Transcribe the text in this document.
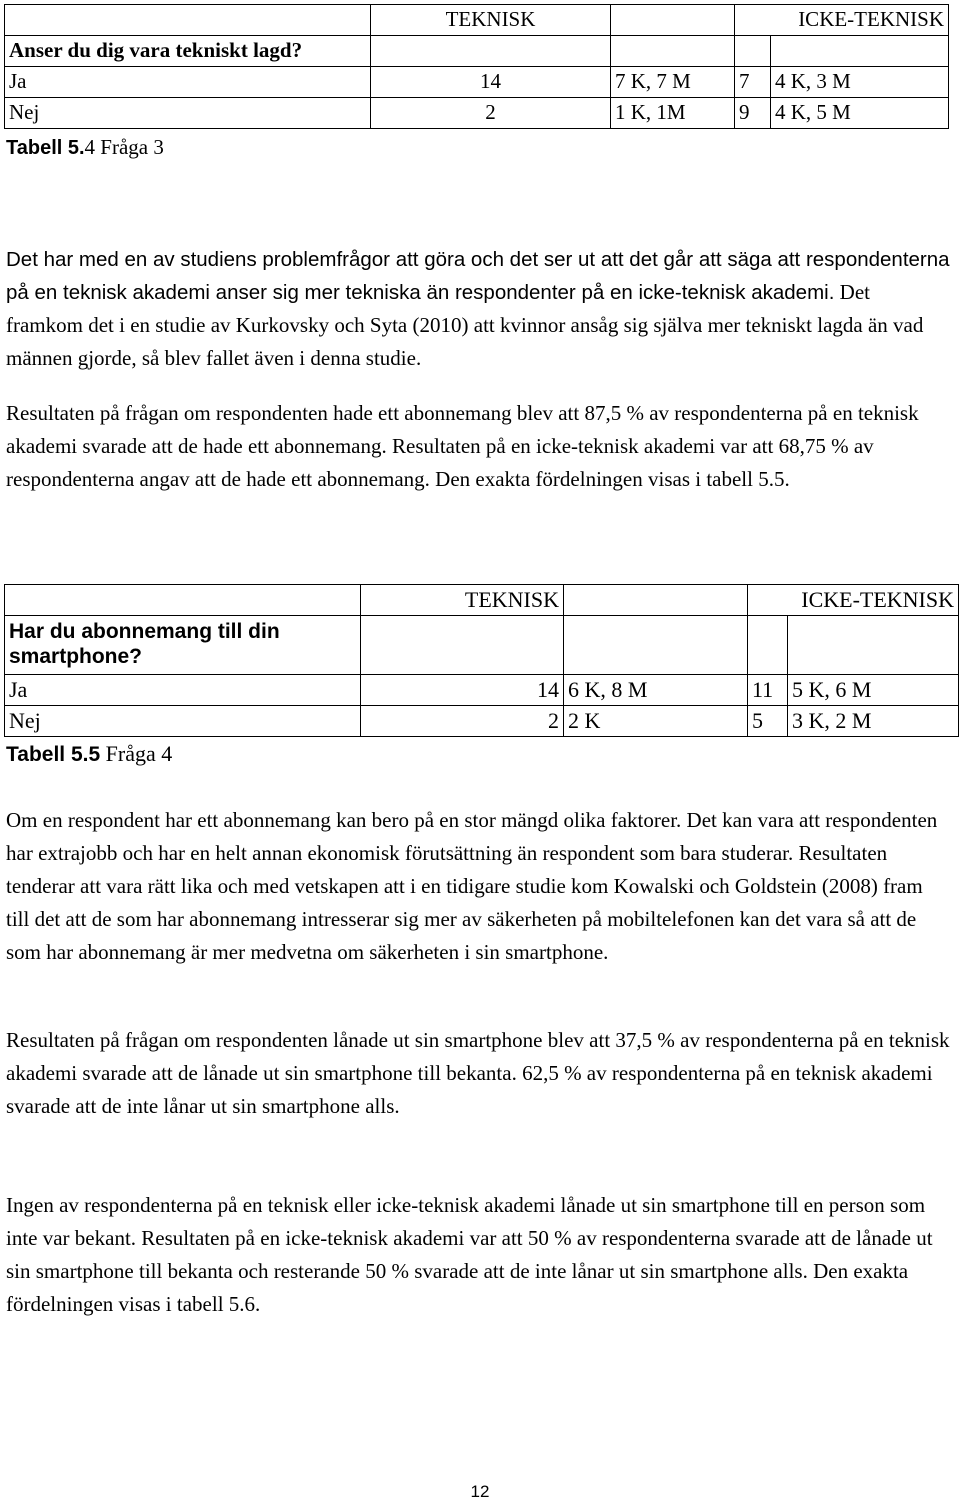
	TEKNISK		ICKE-TEKNISK	
Anser du dig vara tekniskt lagd?				
Ja	14	7 K, 7 M	7	4 K, 3 M
Nej	2	1 K, 1M	9	4 K, 5 M
Tabell 5.4 Fråga 3

Det har med en av studiens problemfrågor att göra och det ser ut att det går att säga att respondenterna på en teknisk akademi anser sig mer tekniska än respondenter på en icke-teknisk akademi. Det framkom det i en studie av Kurkovsky och Syta (2010) att kvinnor ansåg sig själva mer tekniskt lagda än vad männen gjorde, så blev fallet även i denna studie.

Resultaten på frågan om respondenten hade ett abonnemang blev att 87,5 % av respondenterna på en teknisk akademi svarade att de hade ett abonnemang. Resultaten på en icke-teknisk akademi var att 68,75 % av respondenterna angav att de hade ett abonnemang. Den exakta fördelningen visas i tabell 5.5.

	TEKNISK		ICKE-TEKNISK	
Har du abonnemang till din smartphone?				
Ja	14	6 K, 8 M	11	5 K, 6 M
Nej	2	2 K	5	3 K, 2 M
Tabell 5.5 Fråga 4

Om en respondent har ett abonnemang kan bero på en stor mängd olika faktorer. Det kan vara att respondenten har extrajobb och har en helt annan ekonomisk förutsättning än respondent som bara studerar. Resultaten tenderar att vara rätt lika och med vetskapen att i en tidigare studie kom Kowalski och Goldstein (2008) fram till det att de som har abonnemang intresserar sig mer av säkerheten på mobiltelefonen kan det vara så att de som har abonnemang är mer medvetna om säkerheten i sin smartphone.

Resultaten på frågan om respondenten lånade ut sin smartphone blev att 37,5 % av respondenterna på en teknisk akademi svarade att de lånade ut sin smartphone till bekanta. 62,5 % av respondenterna på en teknisk akademi svarade att de inte lånar ut sin smartphone alls.

Ingen av respondenterna på en teknisk eller icke-teknisk akademi lånade ut sin smartphone till en person som inte var bekant. Resultaten på en icke-teknisk akademi var att 50 % av respondenterna svarade att de lånade ut sin smartphone till bekanta och resterande 50 % svarade att de inte lånar ut sin smartphone alls. Den exakta fördelningen visas i tabell 5.6.

12
